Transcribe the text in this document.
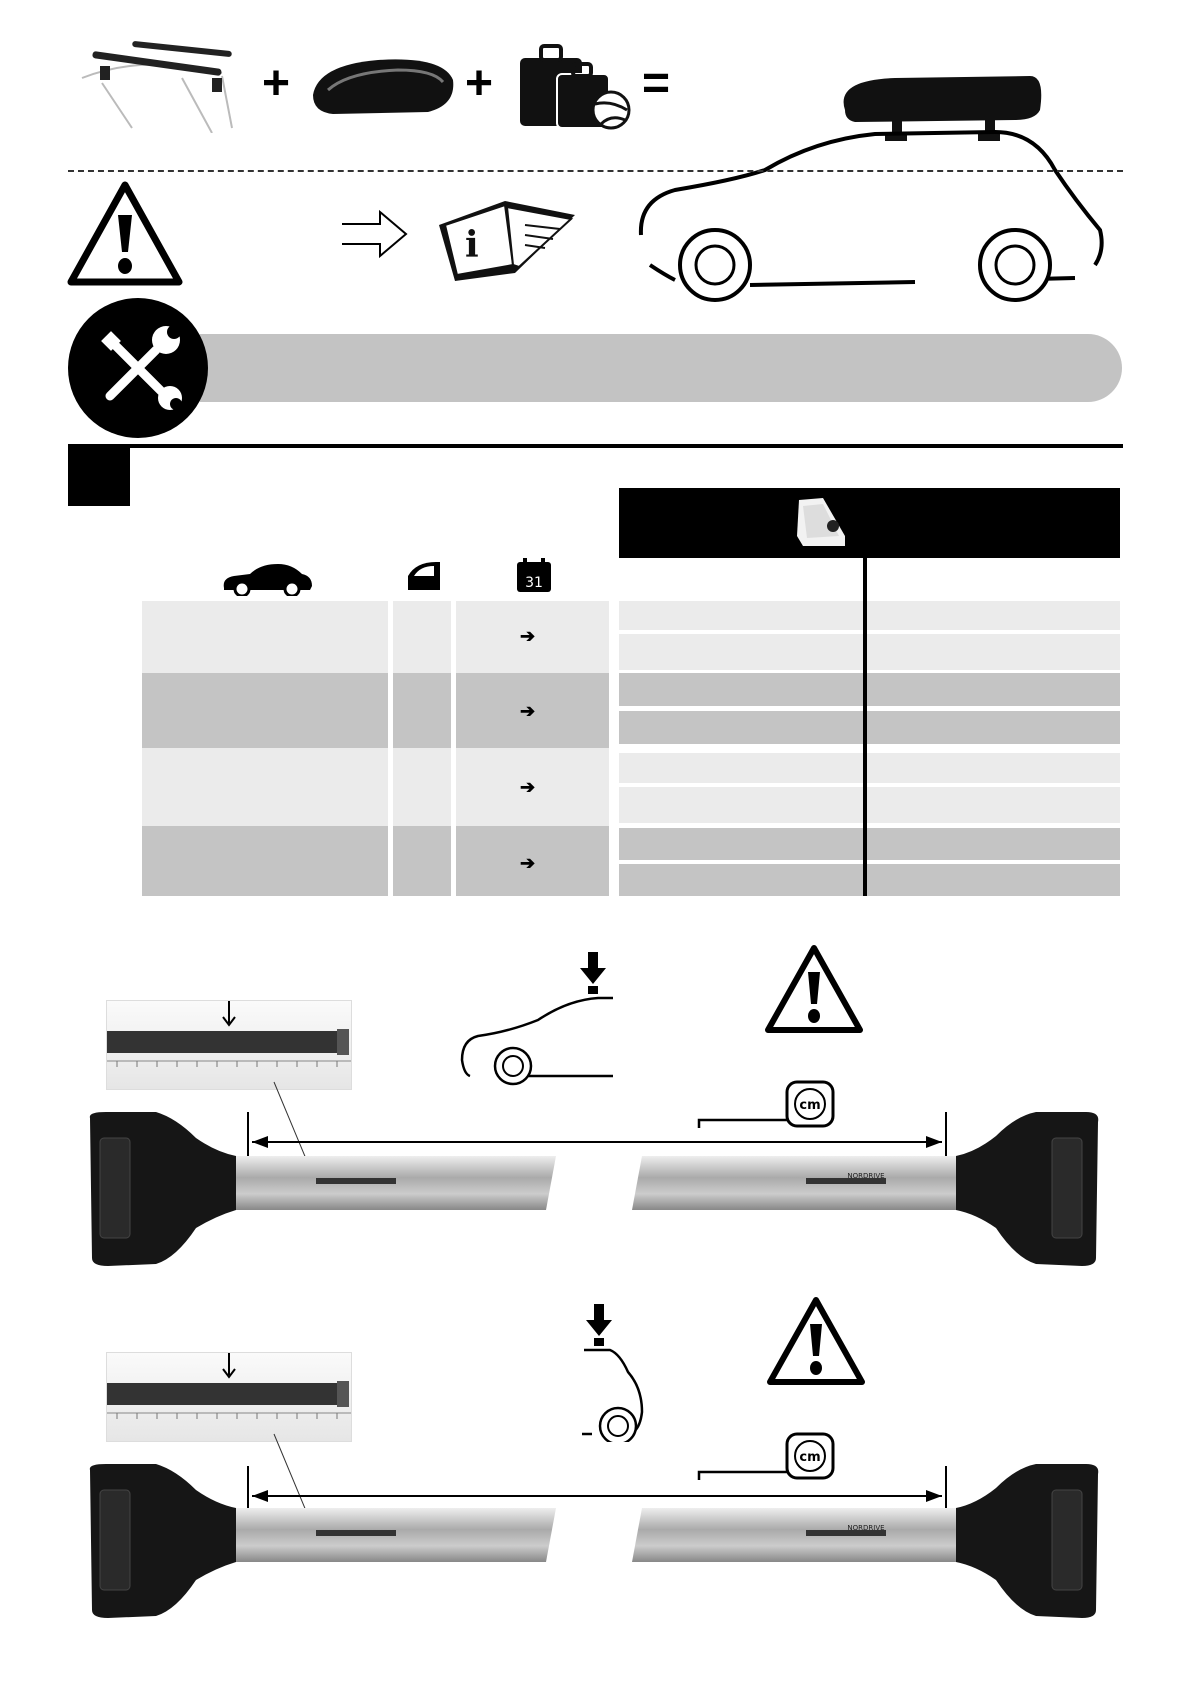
+	+	=
i
31
➔
➔
➔
➔
cm
NORDRIVE
cm
NORDRIVE
